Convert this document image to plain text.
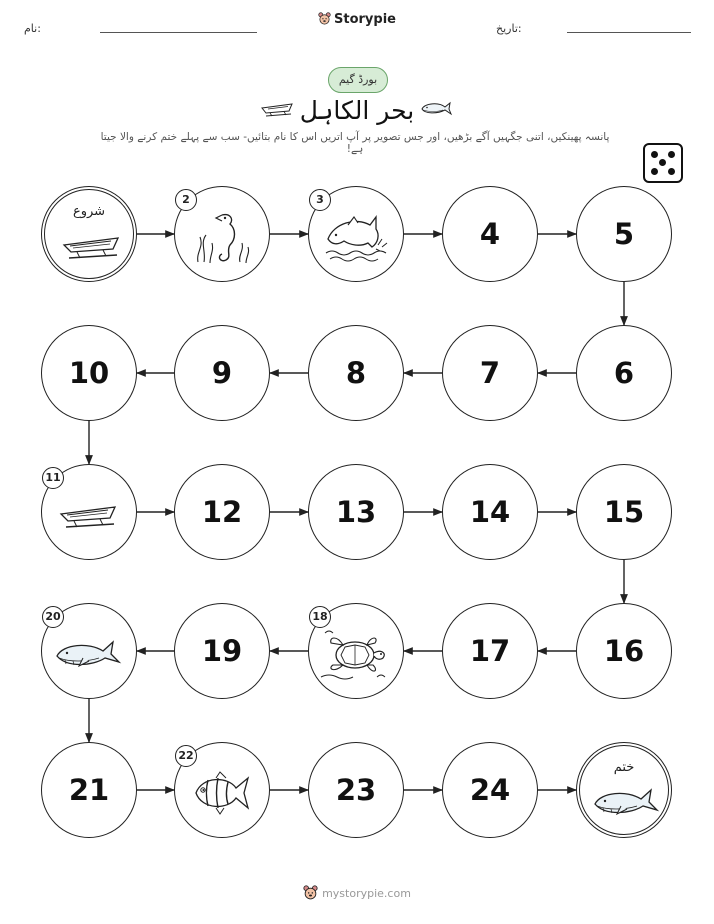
نام:	تاریخ:
Storypie
بورڈ گیم
بحر الکاہل
پانسہ پھینکیں، اتنی جگہیں آگے بڑھیں، اور جس تصویر پر آپ اتریں اس کا نام بتائیں- سب سے پہلے ختم کرنے والا جیتا ہے!
شروع
2	3
4	5
6
7
8
9
10
11
12	13	14	15
16
17
18
19
20
21
22
23	24
ختم
mystorypie.com
